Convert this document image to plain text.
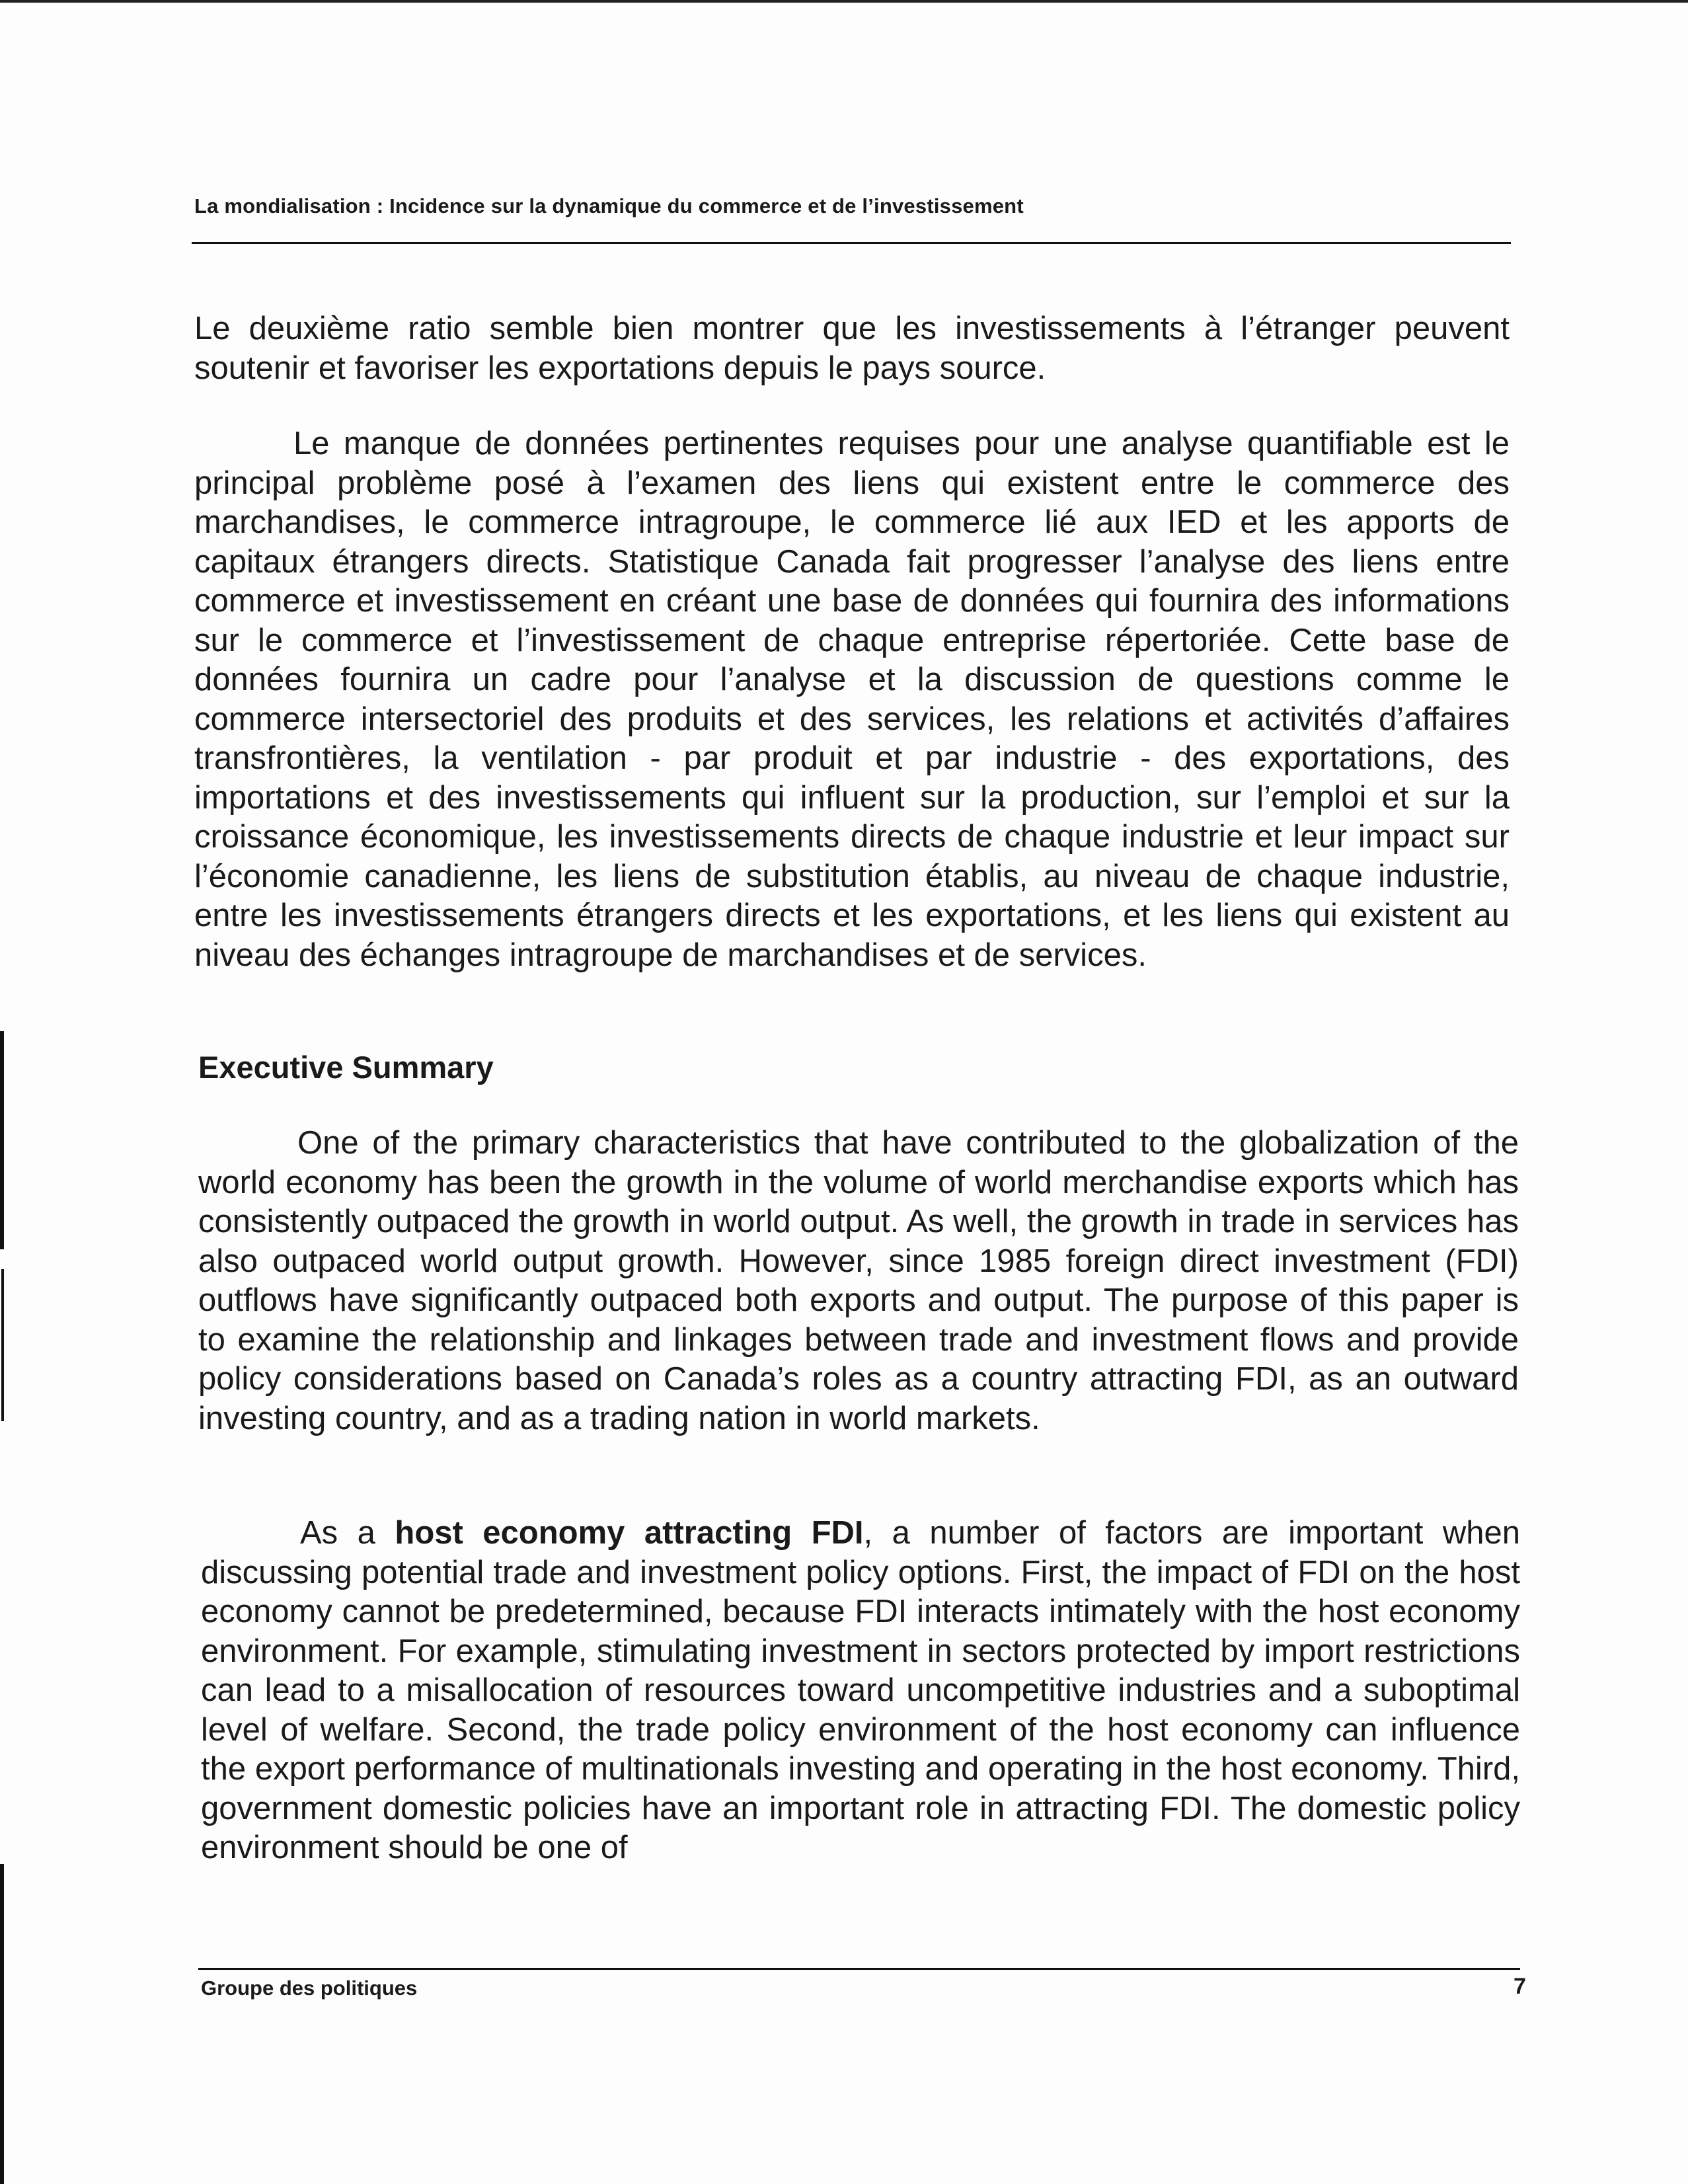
La mondialisation : Incidence sur la dynamique du commerce et de l’investissement

Le deuxième ratio semble bien montrer que les investissements à l’étranger peuvent soutenir et favoriser les exportations depuis le pays source.

Le manque de données pertinentes requises pour une analyse quantifiable est le principal problème posé à l’examen des liens qui existent entre le commerce des marchandises, le commerce intragroupe, le commerce lié aux IED et les apports de capitaux étrangers directs. Statistique Canada fait progresser l’analyse des liens entre commerce et investissement en créant une base de données qui fournira des informations sur le commerce et l’investissement de chaque entreprise répertoriée. Cette base de données fournira un cadre pour l’analyse et la discussion de questions comme le commerce intersectoriel des produits et des services, les relations et activités d’affaires transfrontières, la ventilation - par produit et par industrie - des exportations, des importations et des investissements qui influent sur la production, sur l’emploi et sur la croissance économique, les investissements directs de chaque industrie et leur impact sur l’économie canadienne, les liens de substitution établis, au niveau de chaque industrie, entre les investissements étrangers directs et les exportations, et les liens qui existent au niveau des échanges intragroupe de marchandises et de services.

Executive Summary

One of the primary characteristics that have contributed to the globalization of the world economy has been the growth in the volume of world merchandise exports which has consistently outpaced the growth in world output. As well, the growth in trade in services has also outpaced world output growth. However, since 1985 foreign direct investment (FDI) outflows have significantly outpaced both exports and output. The purpose of this paper is to examine the relationship and linkages between trade and investment flows and provide policy considerations based on Canada’s roles as a country attracting FDI, as an outward investing country, and as a trading nation in world markets.

As a host economy attracting FDI, a number of factors are important when discussing potential trade and investment policy options. First, the impact of FDI on the host economy cannot be predetermined, because FDI interacts intimately with the host economy environment. For example, stimulating investment in sectors protected by import restrictions can lead to a misallocation of resources toward uncompetitive industries and a suboptimal level of welfare. Second, the trade policy environment of the host economy can influence the export performance of multinationals investing and operating in the host economy. Third, government domestic policies have an important role in attracting FDI. The domestic policy environment should be one of

Groupe des politiques	7
